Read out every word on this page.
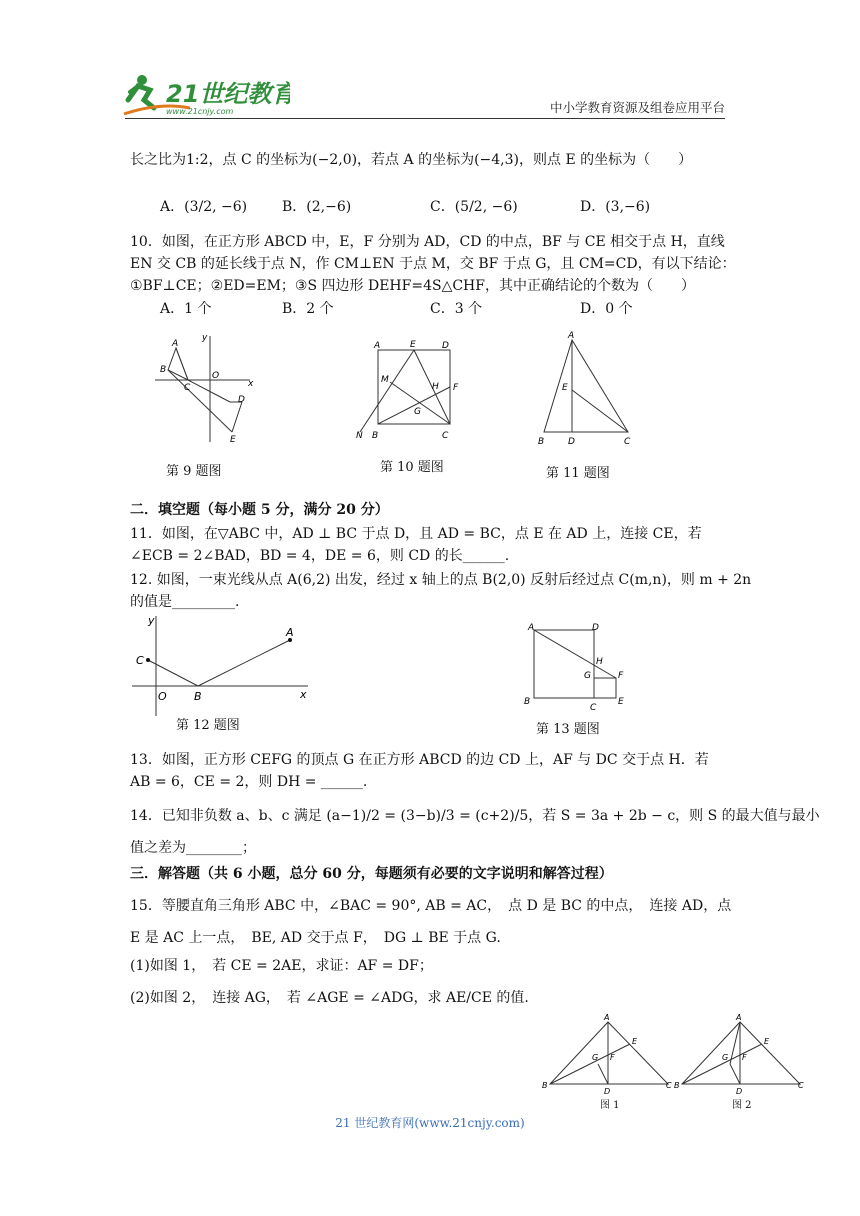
21世纪教育
www.21cnjy.com	中小学教育资源及组卷应用平台
长之比为1:2，点 C 的坐标为(−2,0)，若点 A 的坐标为(−4,3)，则点 E 的坐标为（　　）
A．(3/2, −6) B．(2,−6)	C．(5/2, −6)	D．(3,−6)
10．如图，在正方形 ABCD 中，E，F 分别为 AD，CD 的中点，BF 与 CE 相交于点 H，直线
EN 交 CB 的延长线于点 N，作 CM⊥EN 于点 M，交 BF 于点 G，且 CM=CD，有以下结论：
①BF⊥CE；②ED=EM；③S 四边形 DEHF=4S△CHF，其中正确结论的个数为（　　）
A．1 个	B．2 个	C．3 个	D．0 个
A
B
C
O
D
E
y
x
第 9 题图
A	E	D
M
H F
G
N B	C
第 10 题图
A
E
B	D	C
第 11 题图
二．填空题（每小题 5 分，满分 20 分）
11．如图，在▽ABC 中，AD ⊥ BC 于点 D，且 AD = BC，点 E 在 AD 上，连接 CE，若
∠ECB = 2∠BAD，BD = 4，DE = 6，则 CD 的长______.
12. 如图，一束光线从点 A(6,2) 出发，经过 x 轴上的点 B(2,0) 反射后经过点 C(m,n)，则 m + 2n
的值是_________.
C
A
O B
y
x
第 12 题图
A	D
H
F
G
B
C
E
第 13 题图
13．如图，正方形 CEFG 的顶点 G 在正方形 ABCD 的边 CD 上，AF 与 DC 交于点 H．若
AB = 6，CE = 2，则 DH = ______.
14．已知非负数 a、b、c 满足 (a−1)/2 = (3−b)/3 = (c+2)/5，若 S = 3a + 2b − c，则 S 的最大值与最小
值之差为________；
三．解答题（共 6 小题，总分 60 分，每题须有必要的文字说明和解答过程）
15．等腰直角三角形 ABC 中，∠BAC = 90°, AB = AC，　点 D 是 BC 的中点，　连接 AD，点
E 是 AC 上一点，　BE, AD 交于点 F，　DG ⊥ BE 于点 G.
(1)如图 1，　若 CE = 2AE，求证：AF = DF；
(2)如图 2，　连接 AG，　若 ∠AGE = ∠ADG，求 AE/CE 的值.
A
E
G F
B
D
C
A
E
G F
B
D
C
图 1	图 2
21 世纪教育网(www.21cnjy.com)
